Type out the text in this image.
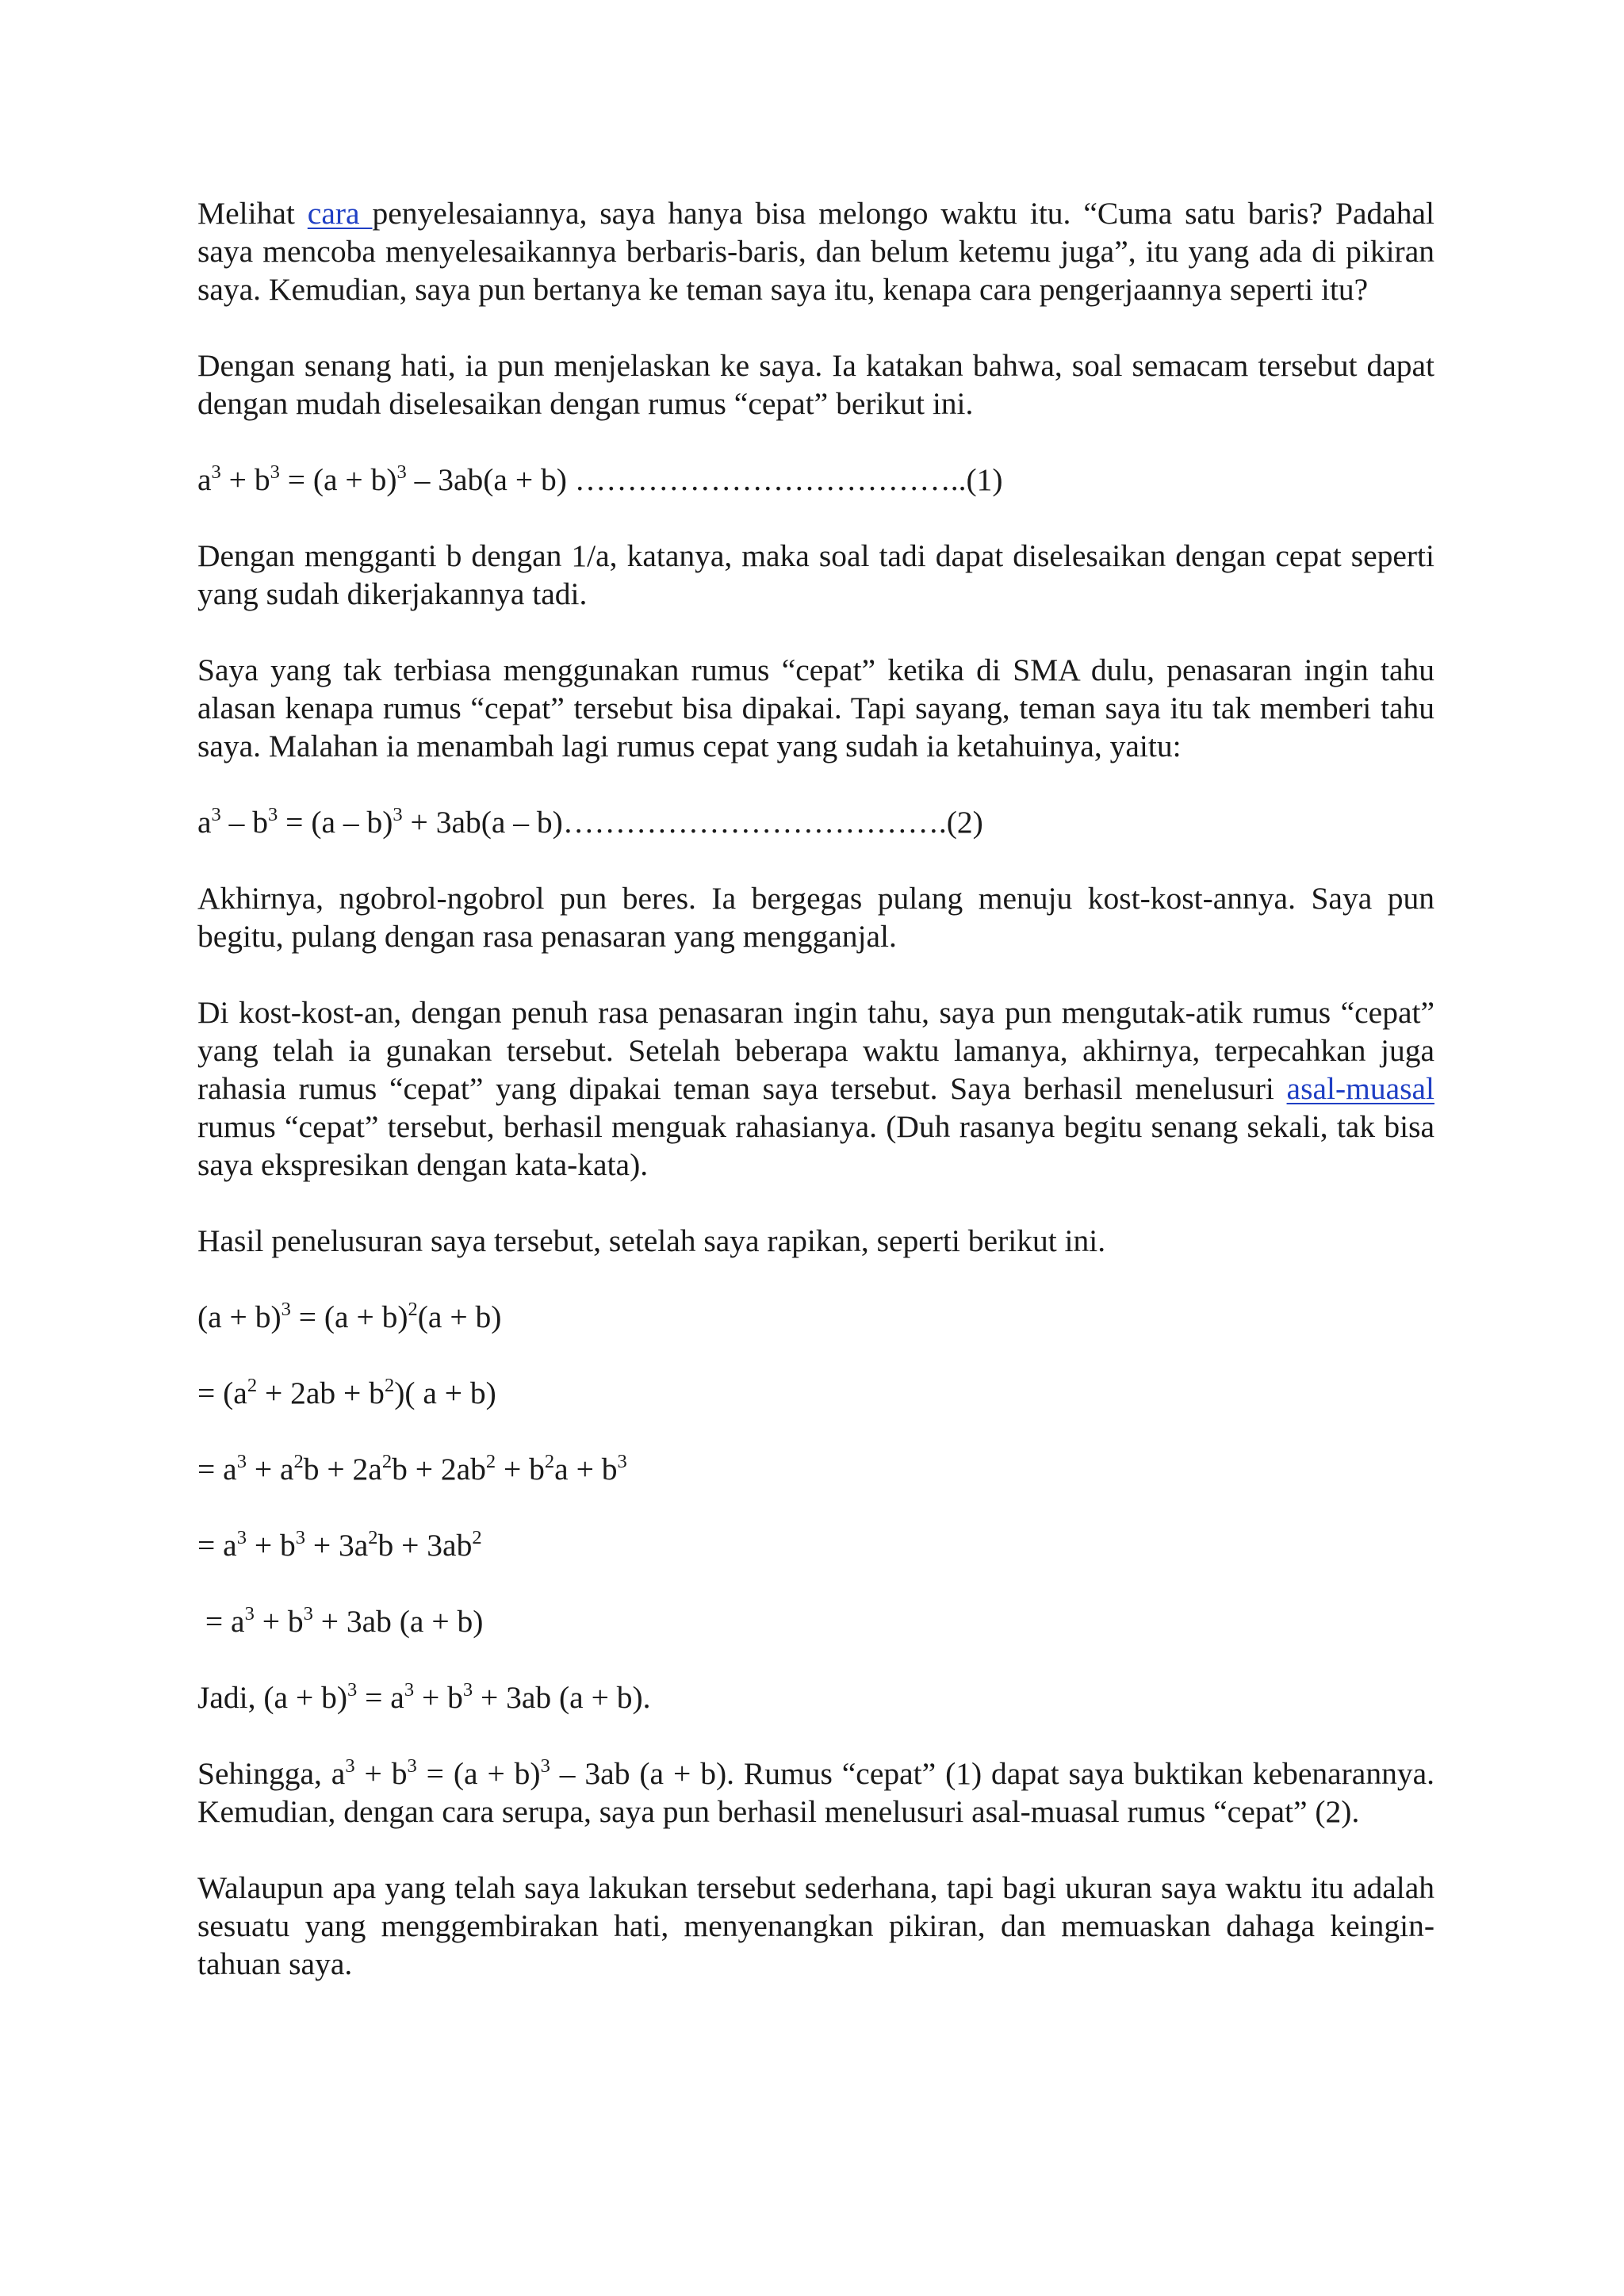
Melihat cara penyelesaiannya, saya hanya bisa melongo waktu itu. “Cuma satu baris? Padahal saya mencoba menyelesaikannya berbaris-baris, dan belum ketemu juga”, itu yang ada di pikiran saya. Kemudian, saya pun bertanya ke teman saya itu, kenapa cara pengerjaannya seperti itu?

Dengan senang hati, ia pun menjelaskan ke saya. Ia katakan bahwa, soal semacam tersebut dapat dengan mudah diselesaikan dengan rumus “cepat” berikut ini.

$a^3 + b^3 = (a + b)^3 - 3ab(a + b)$ ………………………………..(1)

Dengan mengganti b dengan 1/a, katanya, maka soal tadi dapat diselesaikan dengan cepat seperti yang sudah dikerjakannya tadi.

Saya yang tak terbiasa menggunakan rumus “cepat” ketika di SMA dulu, penasaran ingin tahu alasan kenapa rumus “cepat” tersebut bisa dipakai. Tapi sayang, teman saya itu tak memberi tahu saya. Malahan ia menambah lagi rumus cepat yang sudah ia ketahuinya, yaitu:

$a^3 - b^3 = (a - b)^3 + 3ab(a$ – b)……………………………….(2)

Akhirnya, ngobrol-ngobrol pun beres. Ia bergegas pulang menuju kost-kost-annya. Saya pun begitu, pulang dengan rasa penasaran yang mengganjal.

Di kost-kost-an, dengan penuh rasa penasaran ingin tahu, saya pun mengutak-atik rumus “cepat” yang telah ia gunakan tersebut. Setelah beberapa waktu lamanya, akhirnya, terpecahkan juga rahasia rumus “cepat” yang dipakai teman saya tersebut. Saya berhasil menelusuri asal-muasal rumus “cepat” tersebut, berhasil menguak rahasianya. (Duh rasanya begitu senang sekali, tak bisa saya ekspresikan dengan kata-kata).

Hasil penelusuran saya tersebut, setelah saya rapikan, seperti berikut ini.

$(a + b)^3 = (a + b)^2(a + b)$

= $(a^2 + 2ab + b^2)$( a + b)

= $a^3 + a^2b + 2a^2b + 2ab^2 + b^2a + b^3$

= $a^3 + b^3 + 3a^2b + 3ab^2$

= $a^3 + b^3 + 3ab$ (a + b)

Jadi, $(a + b)^3 = a^3 + b^3 + 3ab$ (a + b).

Sehingga, $a^3 + b^3 = (a + b)^3 - 3ab$ (a + b). Rumus “cepat” (1) dapat saya buktikan kebenarannya. Kemudian, dengan cara serupa, saya pun berhasil menelusuri asal-muasal rumus “cepat” (2).

Walaupun apa yang telah saya lakukan tersebut sederhana, tapi bagi ukuran saya waktu itu adalah sesuatu yang menggembirakan hati, menyenangkan pikiran, dan memuaskan dahaga keingin-tahuan saya.
